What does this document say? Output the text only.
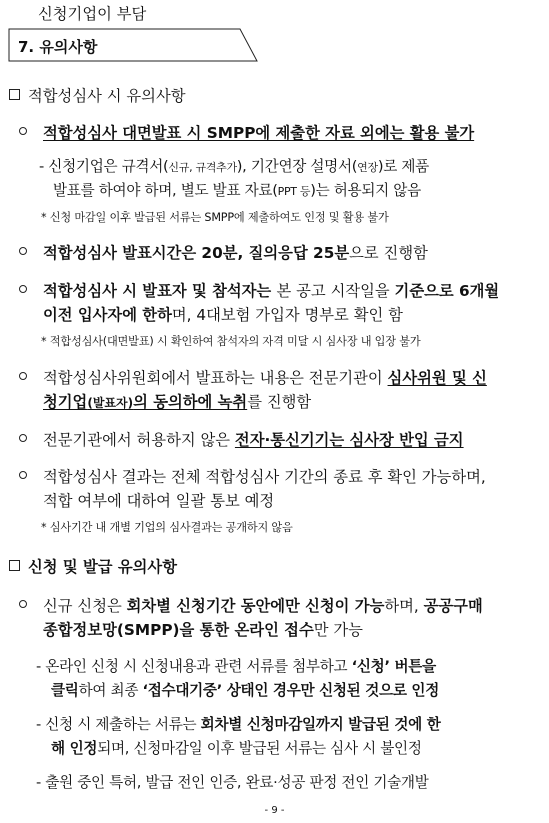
신청기업이 부담
7. 유의사항
적합성심사 시 유의사항
적합성심사 대면발표 시 SMPP에 제출한 자료 외에는 활용 불가
- 신청기업은 규격서(신규, 규격추가), 기간연장 설명서(연장)로 제품
발표를 하여야 하며, 별도 발표 자료(PPT 등)는 허용되지 않음
* 신청 마감일 이후 발급된 서류는 SMPP에 제출하여도 인정 및 활용 불가
적합성심사 발표시간은 20분, 질의응답 25분으로 진행함
적합성심사 시 발표자 및 참석자는 본 공고 시작일을 기준으로 6개월
이전 입사자에 한하며, 4대보험 가입자 명부로 확인 함
* 적합성심사(대면발표) 시 확인하여 참석자의 자격 미달 시 심사장 내 입장 불가
적합성심사위원회에서 발표하는 내용은 전문기관이 심사위원 및 신
청기업(발표자)의 동의하에 녹취를 진행함
전문기관에서 허용하지 않은 전자·통신기기는 심사장 반입 금지
적합성심사 결과는 전체 적합성심사 기간의 종료 후 확인 가능하며,
적합 여부에 대하여 일괄 통보 예정
* 심사기간 내 개별 기업의 심사결과는 공개하지 않음
신청 및 발급 유의사항
신규 신청은 회차별 신청기간 동안에만 신청이 가능하며, 공공구매
종합정보망(SMPP)을 통한 온라인 접수만 가능
- 온라인 신청 시 신청내용과 관련 서류를 첨부하고 ‘신청’ 버튼을
클릭하여 최종 ‘접수대기중’ 상태인 경우만 신청된 것으로 인정
- 신청 시 제출하는 서류는 회차별 신청마감일까지 발급된 것에 한
해 인정되며, 신청마감일 이후 발급된 서류는 심사 시 불인정
- 출원 중인 특허, 발급 전인 인증, 완료·성공 판정 전인 기술개발
- 9 -
